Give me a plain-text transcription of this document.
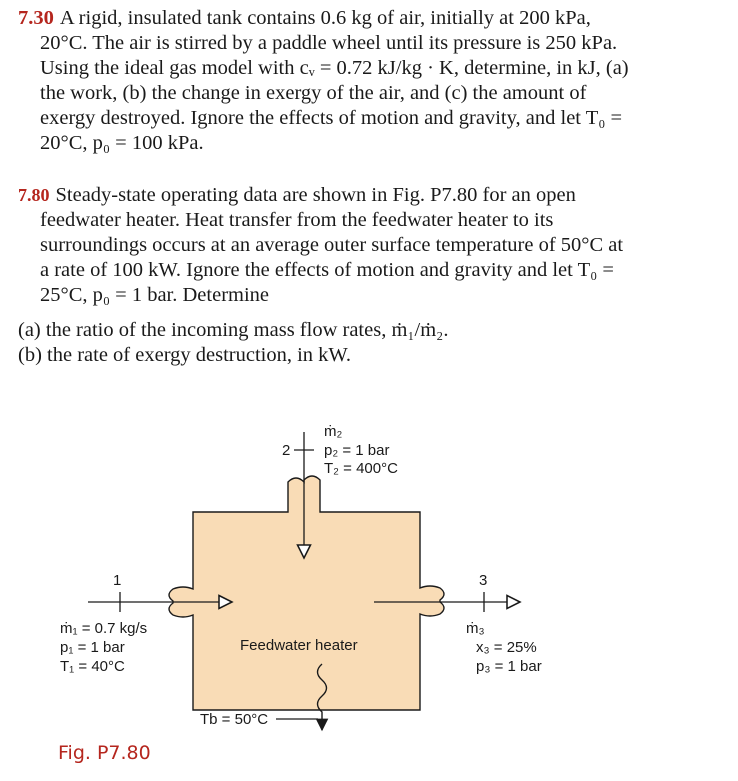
7.30 A rigid, insulated tank contains 0.6 kg of air, initially at 200 kPa, 20°C. The air is stirred by a paddle wheel until its pressure is 250 kPa. Using the ideal gas model with cᵥ = 0.72 kJ/kg · K, determine, in kJ, (a) the work, (b) the change in exergy of the air, and (c) the amount of exergy destroyed. Ignore the effects of motion and gravity, and let T₀ = 20°C, p₀ = 100 kPa.

7.80 Steady-state operating data are shown in Fig. P7.80 for an open feedwater heater. Heat transfer from the feedwater heater to its surroundings occurs at an average outer surface temperature of 50°C at a rate of 100 kW. Ignore the effects of motion and gravity and let T₀ = 25°C, p₀ = 1 bar. Determine

(a) the ratio of the incoming mass flow rates, ṁ₁/ṁ₂.
(b) the rate of exergy destruction, in kW.
1
ṁ₁ = 0.7 kg/s
p₁ = 1 bar
T₁ = 40°C
2
ṁ₂
p₂ = 1 bar
T₂ = 400°C
3
ṁ₃
x₃ = 25%
p₃ = 1 bar
Feedwater heater
Tb = 50°C
Fig. P7.80
